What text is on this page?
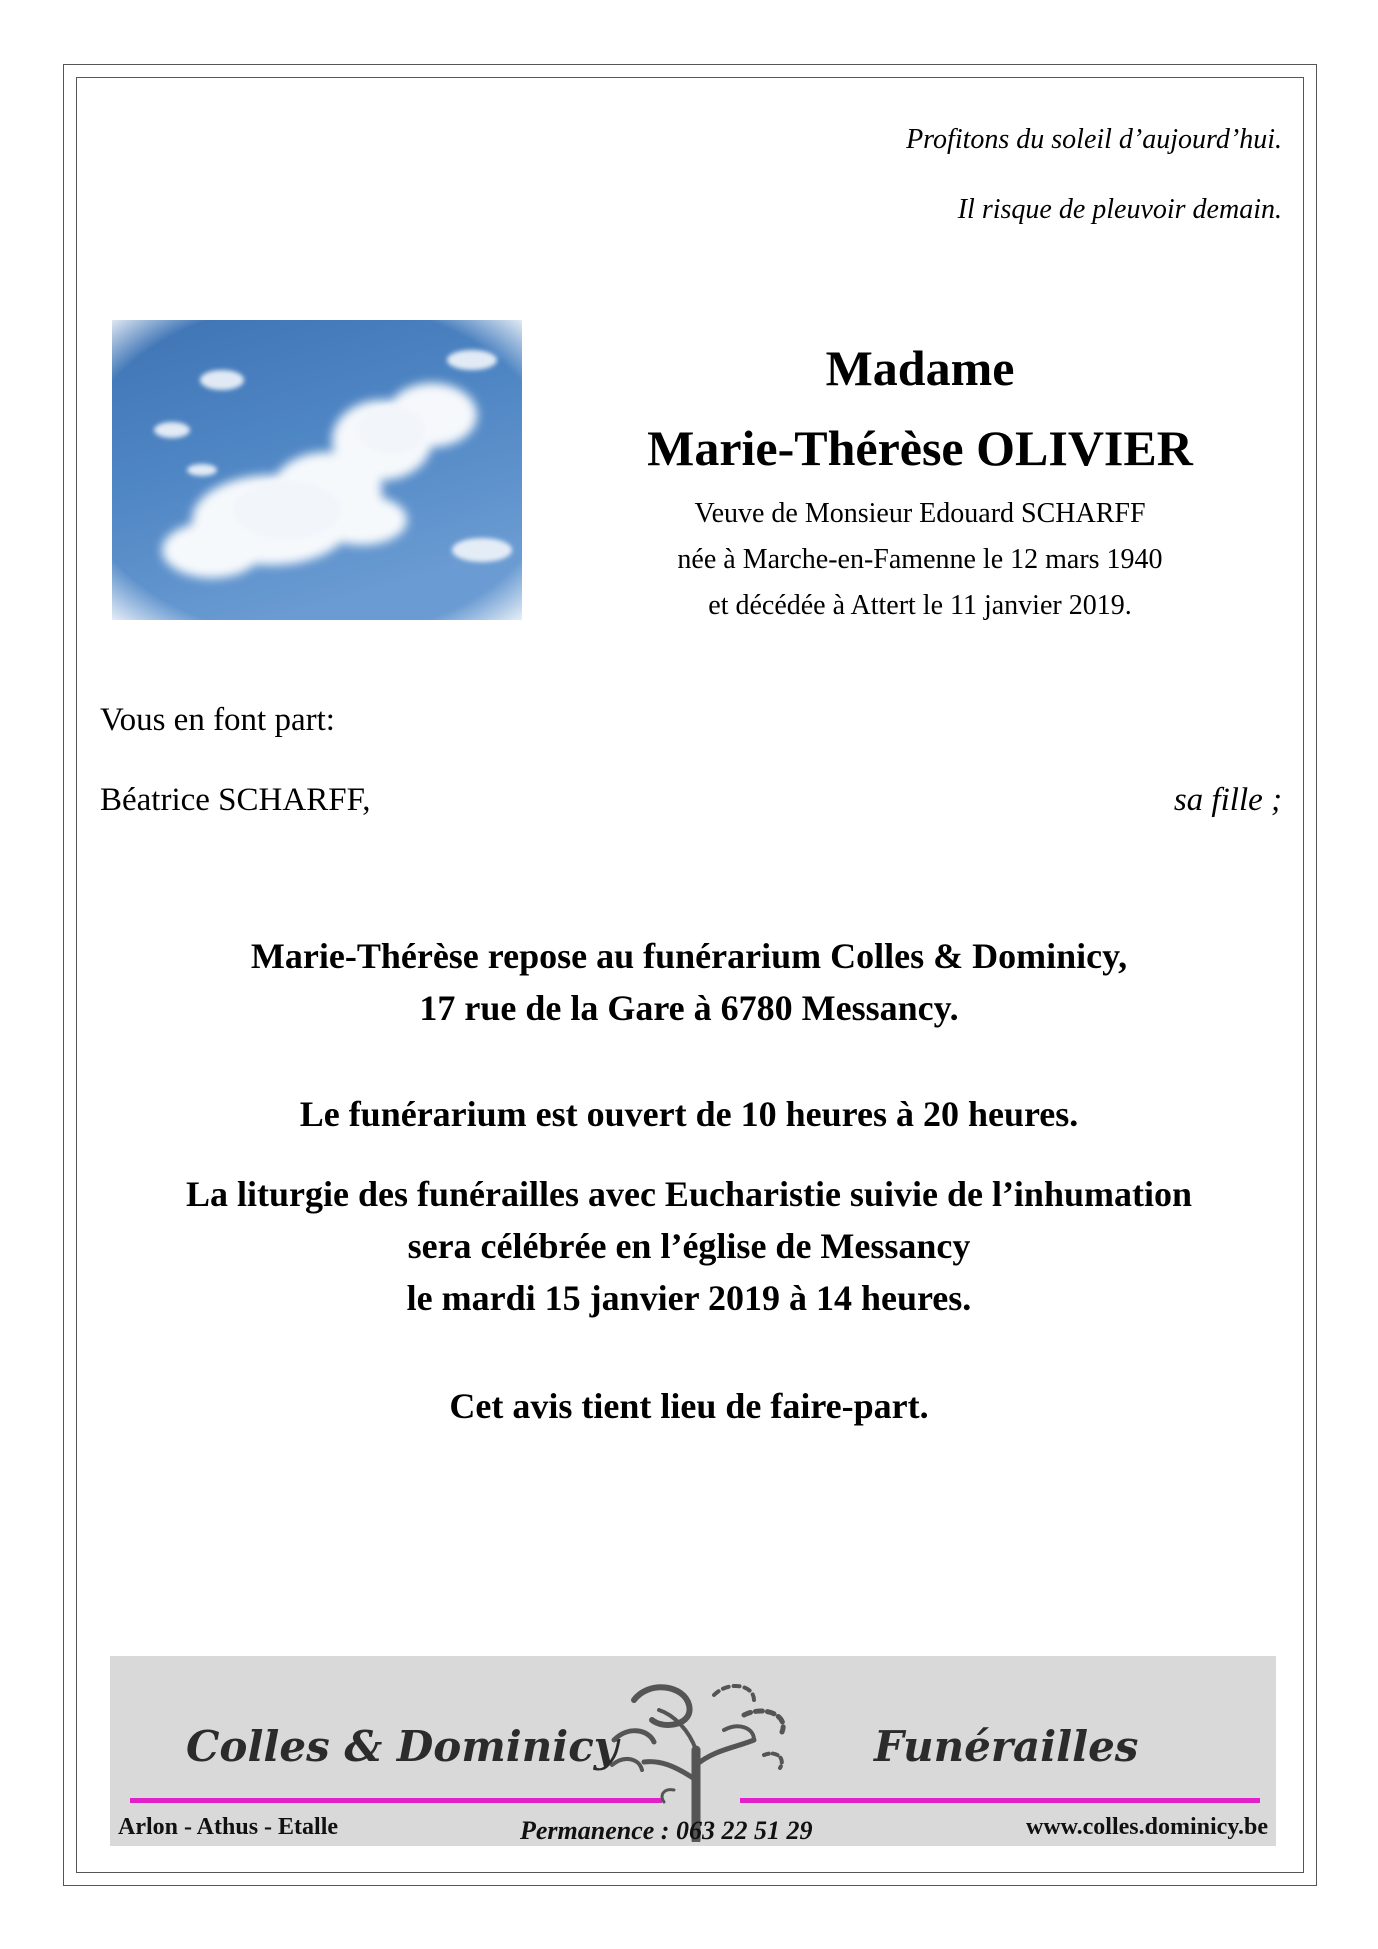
Profitons du soleil d’aujourd’hui.
Il risque de pleuvoir demain.
Madame
Marie-Thérèse OLIVIER
Veuve de Monsieur Edouard SCHARFF
née à Marche-en-Famenne le 12 mars 1940
et décédée à Attert le 11 janvier 2019.
Vous en font part:
Béatrice SCHARFF,	sa fille ;
Marie-Thérèse repose au funérarium Colles & Dominicy,
17 rue de la Gare à 6780 Messancy.
Le funérarium est ouvert de 10 heures à 20 heures.
La liturgie des funérailles avec Eucharistie suivie de l’inhumation
sera célébrée en l’église de Messancy
le mardi 15 janvier 2019 à 14 heures.
Cet avis tient lieu de faire-part.
Colles & Dominicy	Funérailles
Arlon - Athus - Etalle	Permanence : 063 22 51 29	www.colles.dominicy.be
